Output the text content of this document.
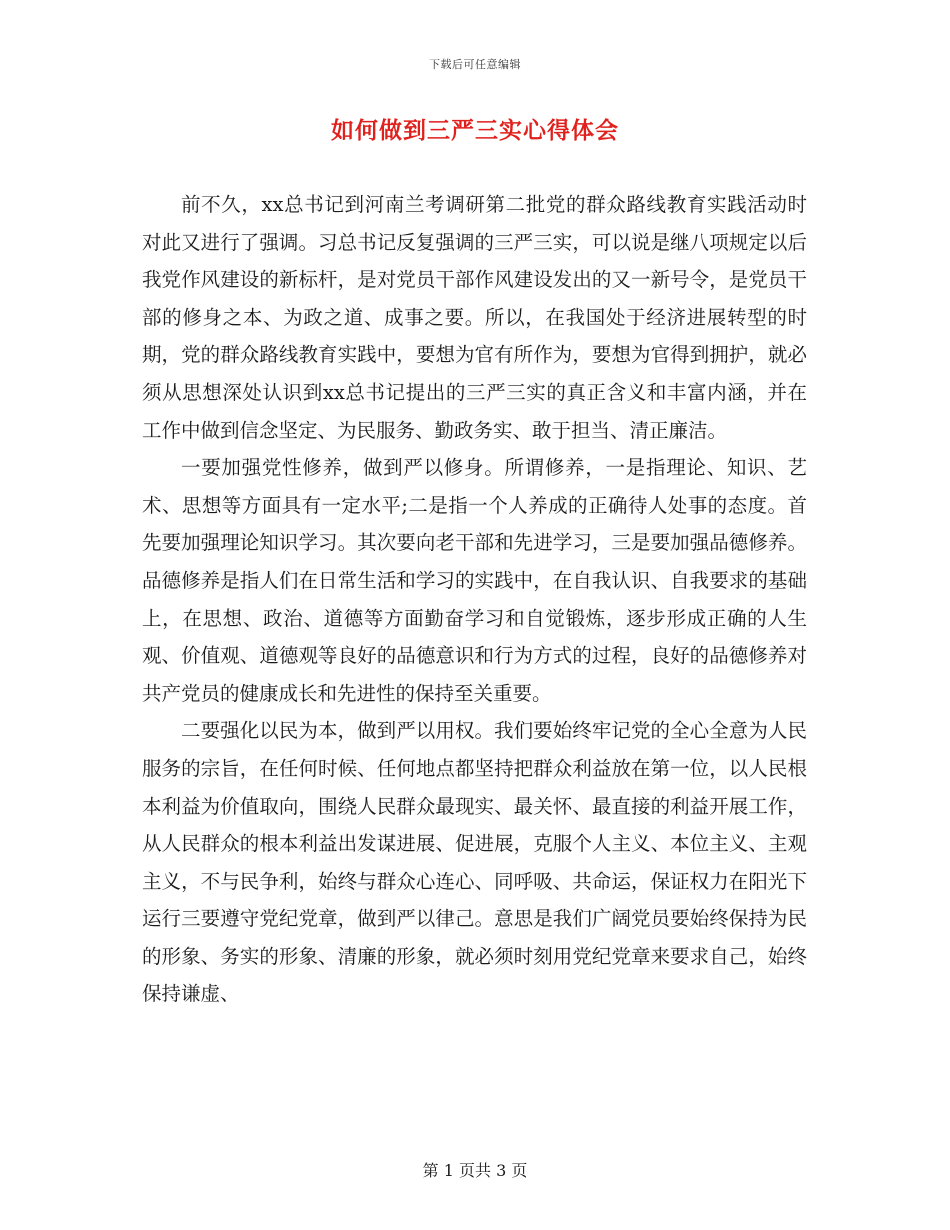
下载后可任意编辑
如何做到三严三实心得体会

前不久，xx总书记到河南兰考调研第二批党的群众路线教育实践活动时对此又进行了强调。习总书记反复强调的三严三实，可以说是继八项规定以后我党作风建设的新标杆，是对党员干部作风建设发出的又一新号令，是党员干部的修身之本、为政之道、成事之要。所以，在我国处于经济进展转型的时期，党的群众路线教育实践中，要想为官有所作为，要想为官得到拥护，就必须从思想深处认识到xx总书记提出的三严三实的真正含义和丰富内涵，并在工作中做到信念坚定、为民服务、勤政务实、敢于担当、清正廉洁。

一要加强党性修养，做到严以修身。所谓修养，一是指理论、知识、艺术、思想等方面具有一定水平;二是指一个人养成的正确待人处事的态度。首先要加强理论知识学习。其次要向老干部和先进学习，三是要加强品德修养。品德修养是指人们在日常生活和学习的实践中，在自我认识、自我要求的基础上，在思想、政治、道德等方面勤奋学习和自觉锻炼，逐步形成正确的人生观、价值观、道德观等良好的品德意识和行为方式的过程，良好的品德修养对共产党员的健康成长和先进性的保持至关重要。

二要强化以民为本，做到严以用权。我们要始终牢记党的全心全意为人民服务的宗旨，在任何时候、任何地点都坚持把群众利益放在第一位，以人民根本利益为价值取向，围绕人民群众最现实、最关怀、最直接的利益开展工作，从人民群众的根本利益出发谋进展、促进展，克服个人主义、本位主义、主观主义，不与民争利，始终与群众心连心、同呼吸、共命运，保证权力在阳光下运行三要遵守党纪党章，做到严以律己。意思是我们广阔党员要始终保持为民的形象、务实的形象、清廉的形象，就必须时刻用党纪党章来要求自己，始终保持谦虚、

第 1 页共 3 页
